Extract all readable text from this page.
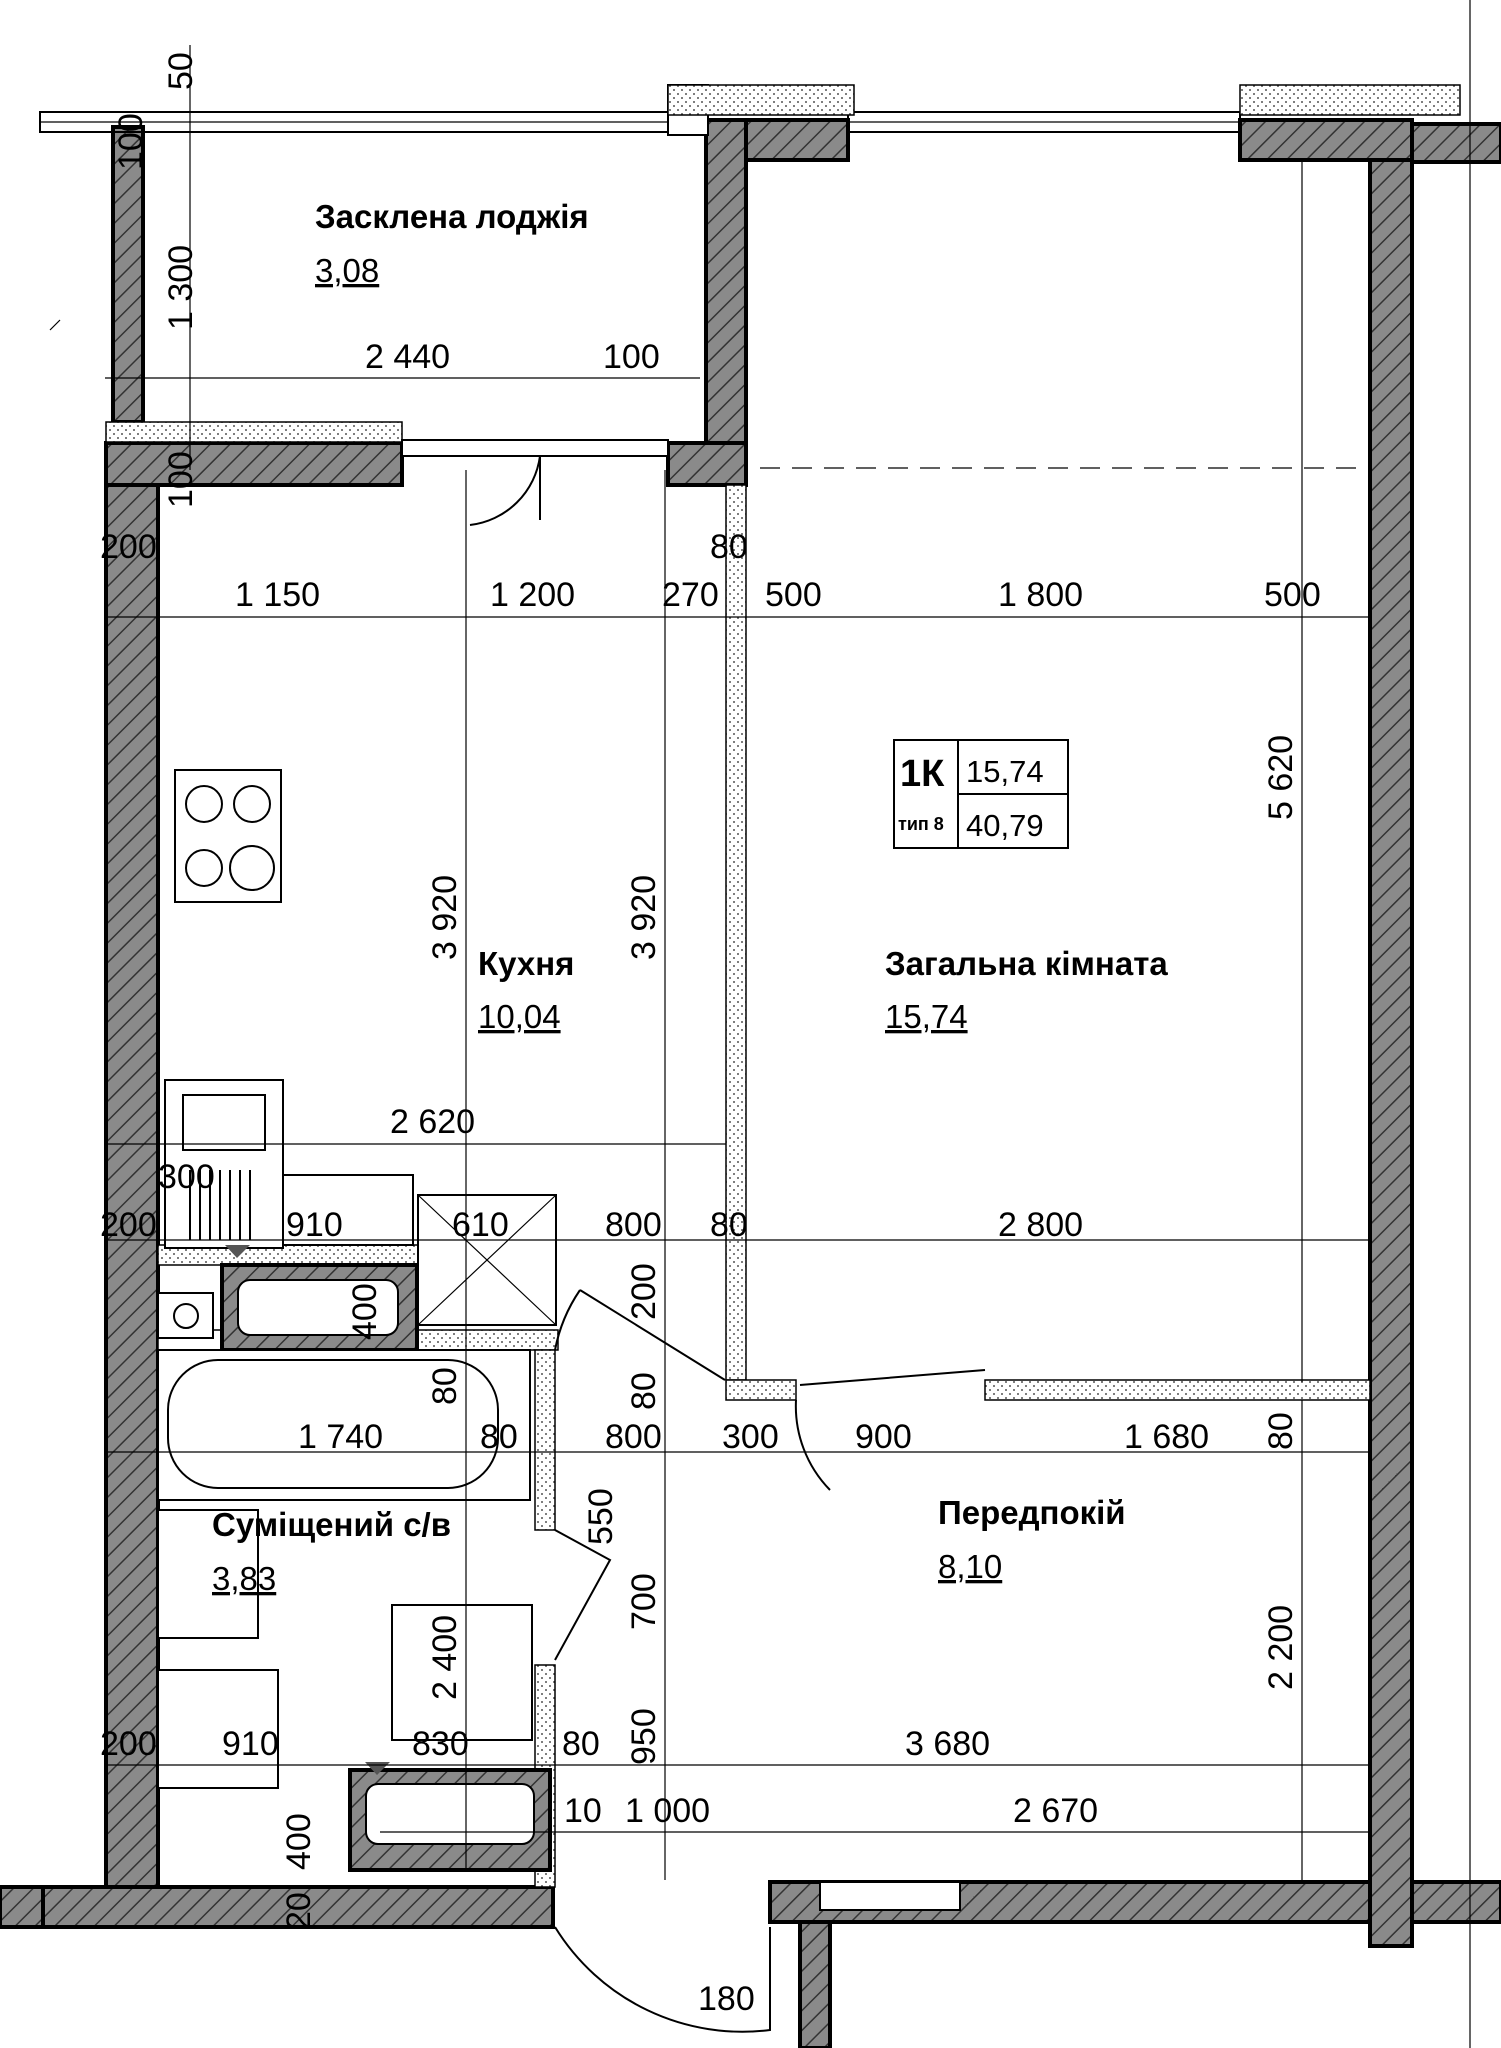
1К
тип 8
15,74
40,79
Засклена лоджія
3,08
Кухня
10,04
Загальна кімната
15,74
Передпокій
8,10
Суміщений с/в
3,83
2 440	100
200
1 150	1 200	270
80
500	1 800	500
2 620
300
200	910	610	800 80	2 800
1 740	80	800 300 900	1 680
200 910	830	80	3 680
10 1 000	2 670
180
50
100
1 300
100
5 620
3 920	3 920
400	200
80	80
80
550
2 400
700
2 200
950
400
20
